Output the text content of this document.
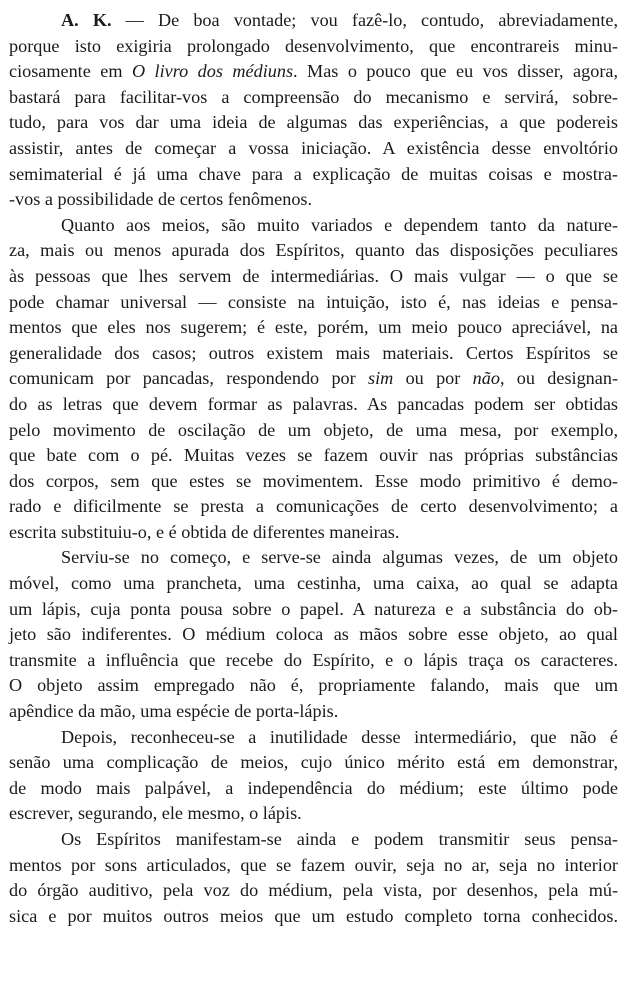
A. K. — De boa vontade; vou fazê-lo, contudo, abreviadamente,
porque isto exigiria prolongado desenvolvimento, que encontrareis minu-
ciosamente em O livro dos médiuns. Mas o pouco que eu vos disser, agora,
bastará para facilitar-vos a compreensão do mecanismo e servirá, sobre-
tudo, para vos dar uma ideia de algumas das experiências, a que podereis
assistir, antes de começar a vossa iniciação. A existência desse envoltório
semimaterial é já uma chave para a explicação de muitas coisas e mostra-
-vos a possibilidade de certos fenômenos.
Quanto aos meios, são muito variados e dependem tanto da nature-
za, mais ou menos apurada dos Espíritos, quanto das disposições peculiares
às pessoas que lhes servem de intermediárias. O mais vulgar — o que se
pode chamar universal — consiste na intuição, isto é, nas ideias e pensa-
mentos que eles nos sugerem; é este, porém, um meio pouco apreciável, na
generalidade dos casos; outros existem mais materiais. Certos Espíritos se
comunicam por pancadas, respondendo por sim ou por não, ou designan-
do as letras que devem formar as palavras. As pancadas podem ser obtidas
pelo movimento de oscilação de um objeto, de uma mesa, por exemplo,
que bate com o pé. Muitas vezes se fazem ouvir nas próprias substâncias
dos corpos, sem que estes se movimentem. Esse modo primitivo é demo-
rado e dificilmente se presta a comunicações de certo desenvolvimento; a
escrita substituiu-o, e é obtida de diferentes maneiras.
Serviu-se no começo, e serve-se ainda algumas vezes, de um objeto
móvel, como uma prancheta, uma cestinha, uma caixa, ao qual se adapta
um lápis, cuja ponta pousa sobre o papel. A natureza e a substância do ob-
jeto são indiferentes. O médium coloca as mãos sobre esse objeto, ao qual
transmite a influência que recebe do Espírito, e o lápis traça os caracteres.
O objeto assim empregado não é, propriamente falando, mais que um
apêndice da mão, uma espécie de porta-lápis.
Depois, reconheceu-se a inutilidade desse intermediário, que não é
senão uma complicação de meios, cujo único mérito está em demonstrar,
de modo mais palpável, a independência do médium; este último pode
escrever, segurando, ele mesmo, o lápis.
Os Espíritos manifestam-se ainda e podem transmitir seus pensa-
mentos por sons articulados, que se fazem ouvir, seja no ar, seja no interior
do órgão auditivo, pela voz do médium, pela vista, por desenhos, pela mú-
sica e por muitos outros meios que um estudo completo torna conhecidos.
